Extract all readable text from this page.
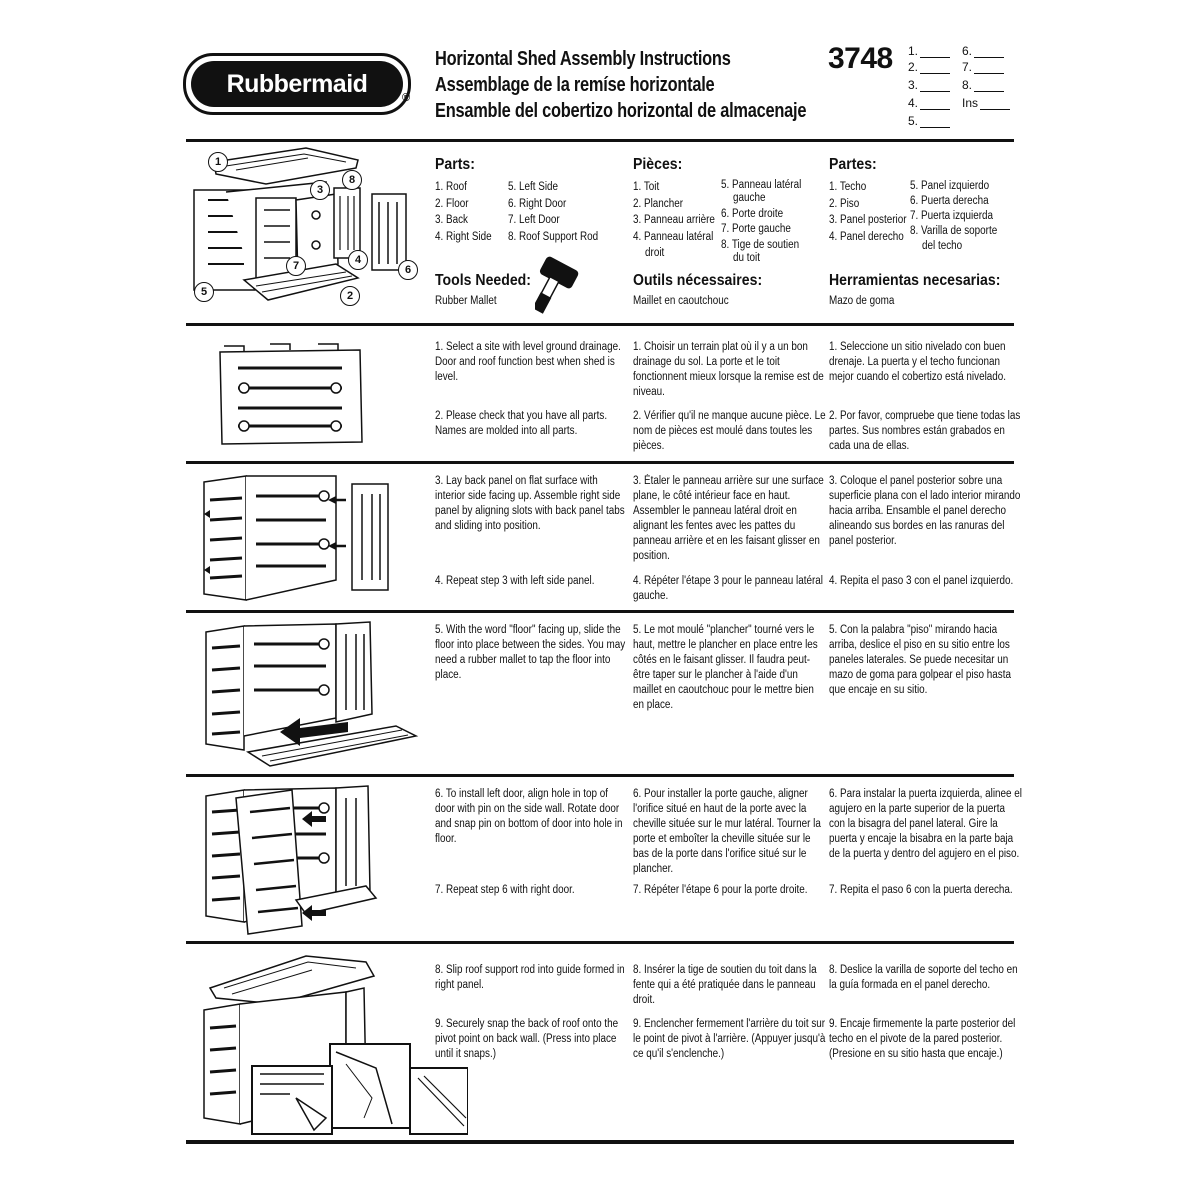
Rubbermaid
®
Horizontal Shed Assembly Instructions
Assemblage de la remíse horizontale
Ensamble del cobertizo horizontal de almacenaje
3748 1.
2.
3.
4.
5.
6.
7.
8.
Ins
1
2
3
4
5
6
7
8
Parts:
1. Roof
2. Floor
3. Back
4. Right Side
5. Left Side
6. Right Door
7. Left Door
8. Roof Support Rod
Tools Needed:
Rubber Mallet
Pièces:
1. Toit
2. Plancher
3. Panneau arrière
4. Panneau latéral
droit
5. Panneau latéral
gauche
6. Porte droite
7. Porte gauche
8. Tige de soutien
du toit
Outils nécessaires:
Maillet en caoutchouc
Partes:
1. Techo
2. Piso
3. Panel posterior
4. Panel derecho
5. Panel izquierdo
6. Puerta derecha
7. Puerta izquierda
8. Varilla de soporte
del techo
Herramientas necesarias:
Mazo de goma
1. Select a site with level ground drainage. Door and roof function best when shed is level.
1. Choisir un terrain plat où il y a un bon drainage du sol. La porte et le toit fonctionnent mieux lorsque la remise est de niveau.
1. Seleccione un sitio nivelado con buen drenaje. La puerta y el techo funcionan mejor cuando el cobertizo está nivelado.
2. Please check that you have all parts. Names are molded into all parts.
2. Vérifier qu'il ne manque aucune pièce. Le nom de pièces est moulé dans toutes les pièces.
2. Por favor, compruebe que tiene todas las partes. Sus nombres están grabados en cada una de ellas.
3. Lay back panel on flat surface with interior side facing up. Assemble right side panel by aligning slots with back panel tabs and sliding into position.
3. Étaler le panneau arrière sur une surface plane, le côté intérieur face en haut. Assembler le panneau latéral droit en alignant les fentes avec les pattes du panneau arrière et en les faisant glisser en position.
3. Coloque el panel posterior sobre una superficie plana con el lado interior mirando hacia arriba. Ensamble el panel derecho alineando sus bordes en las ranuras del panel posterior.
4. Repeat step 3 with left side panel.	4. Répéter l'étape 3 pour le panneau latéral gauche.
4. Repita el paso 3 con el panel izquierdo.
5. With the word "floor" facing up, slide the floor into place between the sides. You may need a rubber mallet to tap the floor into place.
5. Le mot moulé "plancher" tourné vers le haut, mettre le plancher en place entre les côtés en le faisant glisser. Il faudra peut-être taper sur le plancher à l'aide d'un maillet en caoutchouc pour le mettre bien en place.
5. Con la palabra "piso" mirando hacia arriba, deslice el piso en su sitio entre los paneles laterales. Se puede necesitar un mazo de goma para golpear el piso hasta que encaje en su sitio.
6. To install left door, align hole in top of door with pin on the side wall. Rotate door and snap pin on bottom of door into hole in floor.
6. Pour installer la porte gauche, aligner l'orifice situé en haut de la porte avec la cheville située sur le mur latéral. Tourner la porte et emboîter la cheville située sur le bas de la porte dans l'orifice situé sur le plancher.
6. Para instalar la puerta izquierda, alinee el agujero en la parte superior de la puerta con la bisagra del panel lateral. Gire la puerta y encaje la bisabra en la parte baja de la puerta y dentro del agujero en el piso.
7. Repeat step 6 with right door.	7. Répéter l'étape 6 pour la porte droite.	7. Repita el paso 6 con la puerta derecha.
8. Slip roof support rod into guide formed in right panel.
8. Insérer la tige de soutien du toit dans la fente qui a été pratiquée dans le panneau droit.
8. Deslice la varilla de soporte del techo en la guía formada en el panel derecho.
9. Securely snap the back of roof onto the pivot point on back wall. (Press into place until it snaps.)
9. Enclencher fermement l'arrière du toit sur le point de pivot à l'arrière. (Appuyer jusqu'à ce qu'il s'enclenche.)
9. Encaje firmemente la parte posterior del techo en el pivote de la pared posterior. (Presione en su sitio hasta que encaje.)
